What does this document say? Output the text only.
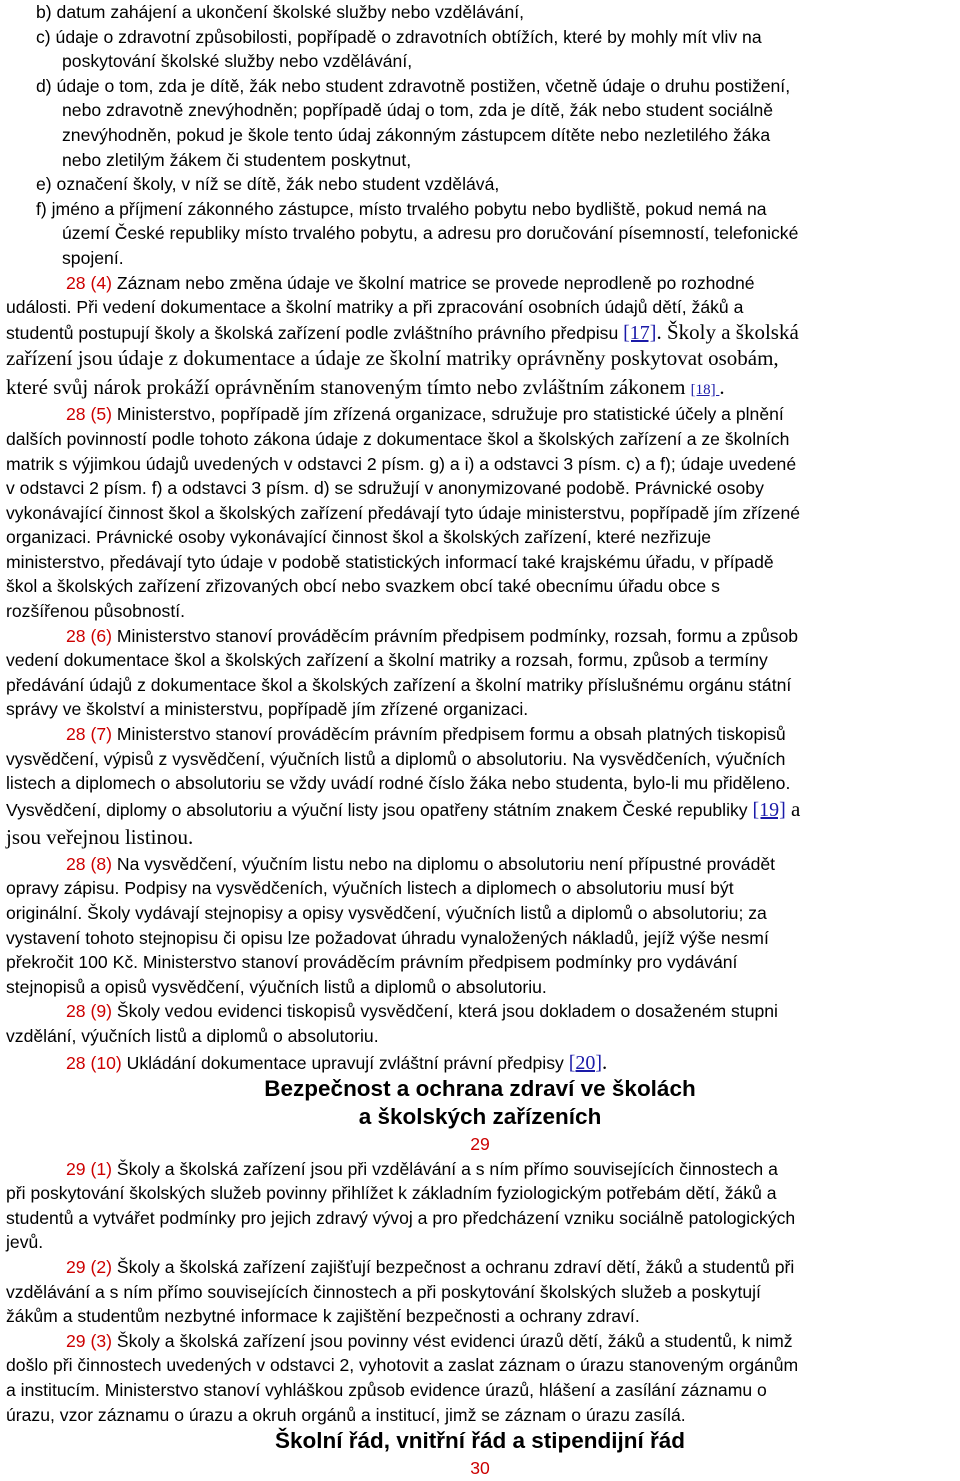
b) datum zahájení a ukončení školské služby nebo vzdělávání,
c) údaje o zdravotní způsobilosti, popřípadě o zdravotních obtížích, které by mohly mít vliv na
poskytování školské služby nebo vzdělávání,
d) údaje o tom, zda je dítě, žák nebo student zdravotně postižen, včetně údaje o druhu postižení,
nebo zdravotně znevýhodněn; popřípadě údaj o tom, zda je dítě, žák nebo student sociálně
znevýhodněn, pokud je škole tento údaj zákonným zástupcem dítěte nebo nezletilého žáka
nebo zletilým žákem či studentem poskytnut,
e) označení školy, v níž se dítě, žák nebo student vzdělává,
f) jméno a příjmení zákonného zástupce, místo trvalého pobytu nebo bydliště, pokud nemá na
území České republiky místo trvalého pobytu, a adresu pro doručování písemností, telefonické
spojení.
28 (4) Záznam nebo změna údaje ve školní matrice se provede neprodleně po rozhodné
události. Při vedení dokumentace a školní matriky a při zpracování osobních údajů dětí, žáků a
studentů postupují školy a školská zařízení podle zvláštního právního předpisu [17]. Školy a školská
zařízení jsou údaje z dokumentace a údaje ze školní matriky oprávněny poskytovat osobám,
které svůj nárok prokáží oprávněním stanoveným tímto nebo zvláštním zákonem [18] .
28 (5) Ministerstvo, popřípadě jím zřízená organizace, sdružuje pro statistické účely a plnění
dalších povinností podle tohoto zákona údaje z dokumentace škol a školských zařízení a ze školních
matrik s výjimkou údajů uvedených v odstavci 2 písm. g) a i) a odstavci 3 písm. c) a f); údaje uvedené
v odstavci 2 písm. f) a odstavci 3 písm. d) se sdružují v anonymizované podobě. Právnické osoby
vykonávající činnost škol a školských zařízení předávají tyto údaje ministerstvu, popřípadě jím zřízené
organizaci. Právnické osoby vykonávající činnost škol a školských zařízení, které nezřizuje
ministerstvo, předávají tyto údaje v podobě statistických informací také krajskému úřadu, v případě
škol a školských zařízení zřizovaných obcí nebo svazkem obcí také obecnímu úřadu obce s
rozšířenou působností.
28 (6) Ministerstvo stanoví prováděcím právním předpisem podmínky, rozsah, formu a způsob
vedení dokumentace škol a školských zařízení a školní matriky a rozsah, formu, způsob a termíny
předávání údajů z dokumentace škol a školských zařízení a školní matriky příslušnému orgánu státní
správy ve školství a ministerstvu, popřípadě jím zřízené organizaci.
28 (7) Ministerstvo stanoví prováděcím právním předpisem formu a obsah platných tiskopisů
vysvědčení, výpisů z vysvědčení, výučních listů a diplomů o absolutoriu. Na vysvědčeních, výučních
listech a diplomech o absolutoriu se vždy uvádí rodné číslo žáka nebo studenta, bylo-li mu přiděleno.
Vysvědčení, diplomy o absolutoriu a výuční listy jsou opatřeny státním znakem České republiky [19] a
jsou veřejnou listinou.
28 (8) Na vysvědčení, výučním listu nebo na diplomu o absolutoriu není přípustné provádět
opravy zápisu. Podpisy na vysvědčeních, výučních listech a diplomech o absolutoriu musí být
originální. Školy vydávají stejnopisy a opisy vysvědčení, výučních listů a diplomů o absolutoriu; za
vystavení tohoto stejnopisu či opisu lze požadovat úhradu vynaložených nákladů, jejíž výše nesmí
překročit 100 Kč. Ministerstvo stanoví prováděcím právním předpisem podmínky pro vydávání
stejnopisů a opisů vysvědčení, výučních listů a diplomů o absolutoriu.
28 (9) Školy vedou evidenci tiskopisů vysvědčení, která jsou dokladem o dosaženém stupni
vzdělání, výučních listů a diplomů o absolutoriu.
28 (10) Ukládání dokumentace upravují zvláštní právní předpisy [20].
Bezpečnost a ochrana zdraví ve školách
a školských zařízeních
29
29 (1) Školy a školská zařízení jsou při vzdělávání a s ním přímo souvisejících činnostech a
při poskytování školských služeb povinny přihlížet k základním fyziologickým potřebám dětí, žáků a
studentů a vytvářet podmínky pro jejich zdravý vývoj a pro předcházení vzniku sociálně patologických
jevů.
29 (2) Školy a školská zařízení zajišťují bezpečnost a ochranu zdraví dětí, žáků a studentů při
vzdělávání a s ním přímo souvisejících činnostech a při poskytování školských služeb a poskytují
žákům a studentům nezbytné informace k zajištění bezpečnosti a ochrany zdraví.
29 (3) Školy a školská zařízení jsou povinny vést evidenci úrazů dětí, žáků a studentů, k nimž
došlo při činnostech uvedených v odstavci 2, vyhotovit a zaslat záznam o úrazu stanoveným orgánům
a institucím. Ministerstvo stanoví vyhláškou způsob evidence úrazů, hlášení a zasílání záznamu o
úrazu, vzor záznamu o úrazu a okruh orgánů a institucí, jimž se záznam o úrazu zasílá.
Školní řád, vnitřní řád a stipendijní řád
30
